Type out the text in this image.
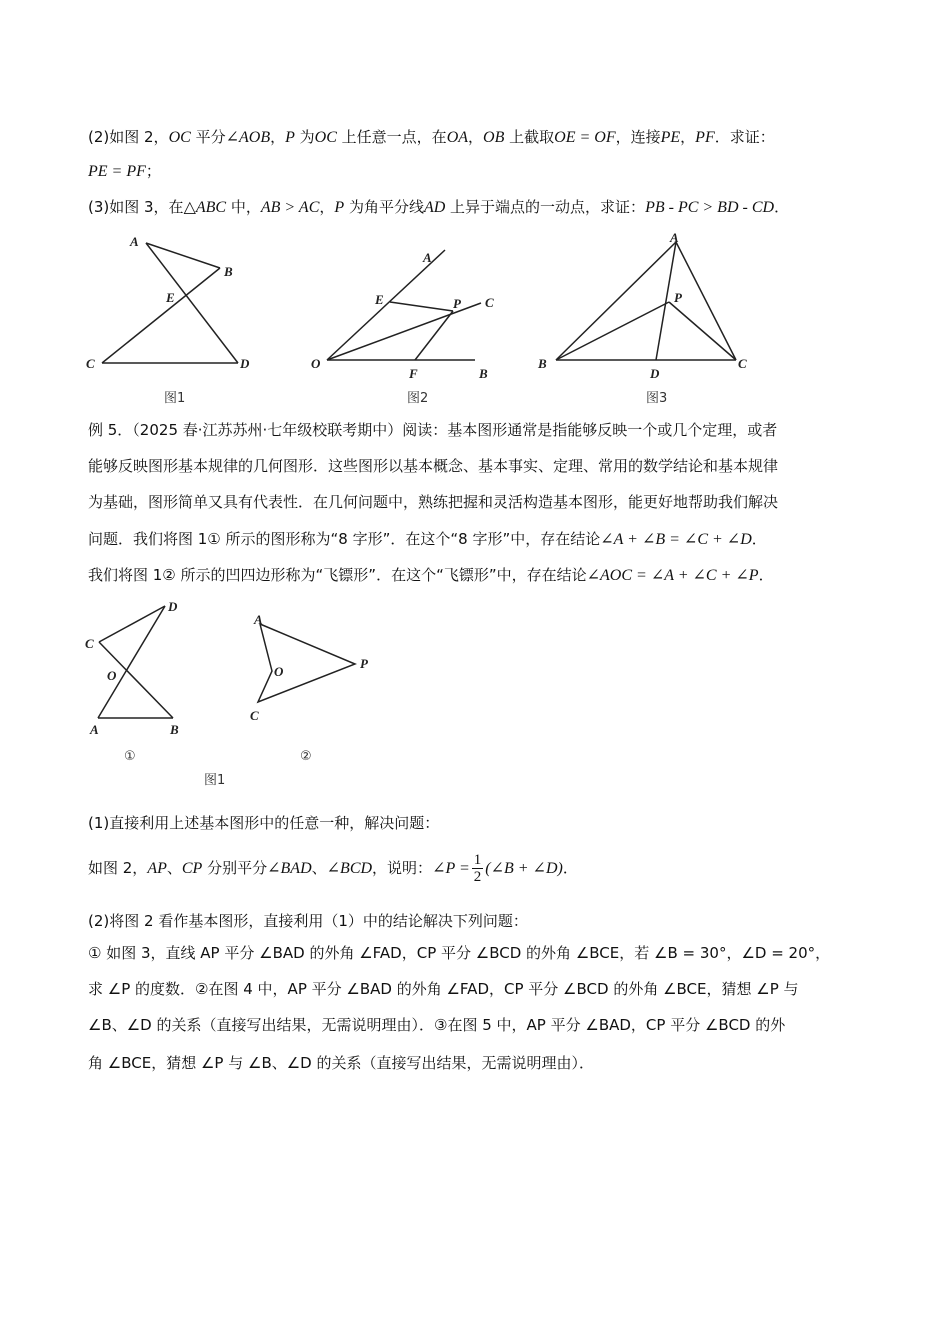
(2)如图 2，OC 平分∠AOB，P 为OC 上任意一点，在OA，OB 上截取OE = OF，连接PE，PF．求证：
PE = PF；
(3)如图 3，在△ABC 中，AB > AC，P 为角平分线AD 上异于端点的一动点，求证：PB - PC > BD - CD．
A
B
E
C	D
图1
A
C
E	P
O
F	B
图2
A
P
B
D
C
图3
例 5．（2025 春·江苏苏州·七年级校联考期中）阅读：基本图形通常是指能够反映一个或几个定理，或者
能够反映图形基本规律的几何图形．这些图形以基本概念、基本事实、定理、常用的数学结论和基本规律
为基础，图形简单又具有代表性．在几何问题中，熟练把握和灵活构造基本图形，能更好地帮助我们解决
问题．我们将图 1① 所示的图形称为“8 字形”．在这个“8 字形”中，存在结论∠A + ∠B = ∠C + ∠D．
我们将图 1② 所示的凹四边形称为“飞镖形”．在这个“飞镖形”中，存在结论∠AOC = ∠A + ∠C + ∠P．
D
C
O
A	B
①
A
P
O
C
②
图1
(1)直接利用上述基本图形中的任意一种，解决问题：
如图 2，AP、CP 分别平分∠BAD、∠BCD，说明：∠P = $\frac{1}{2}$ (∠B + ∠D)．
(2)将图 2 看作基本图形，直接利用（1）中的结论解决下列问题：
① 如图 3，直线 AP 平分 ∠BAD 的外角 ∠FAD，CP 平分 ∠BCD 的外角 ∠BCE，若 ∠B = 30°，∠D = 20°，
求 ∠P 的度数．②在图 4 中，AP 平分 ∠BAD 的外角 ∠FAD，CP 平分 ∠BCD 的外角 ∠BCE，猜想 ∠P 与
∠B、∠D 的关系（直接写出结果，无需说明理由）．③在图 5 中，AP 平分 ∠BAD，CP 平分 ∠BCD 的外
角 ∠BCE，猜想 ∠P 与 ∠B、∠D 的关系（直接写出结果，无需说明理由）．
